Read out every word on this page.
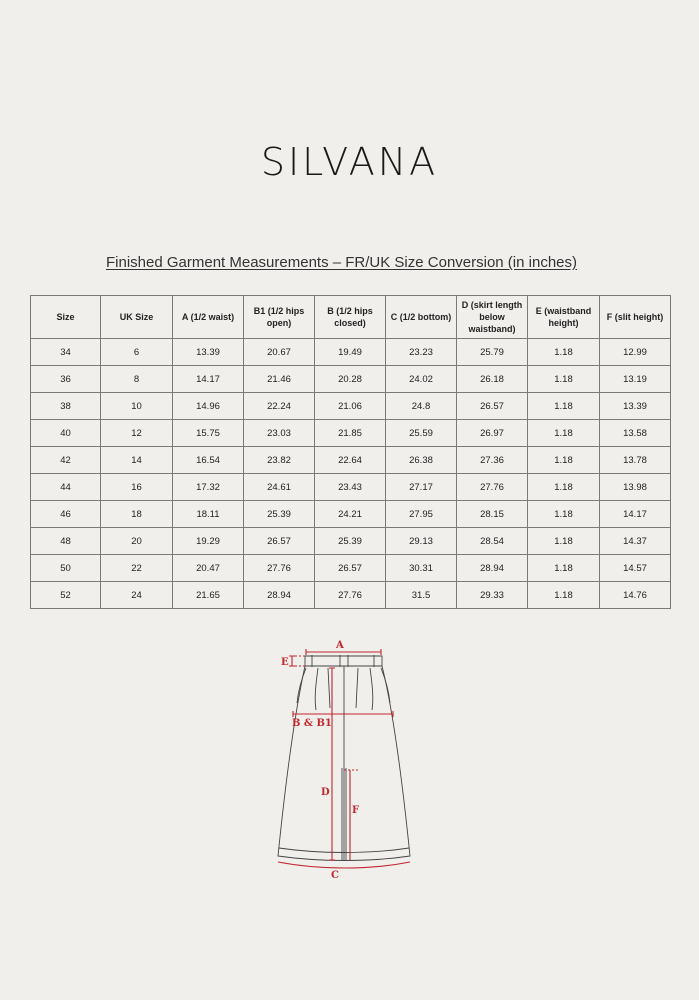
SILVANA
Finished Garment Measurements – FR/UK Size Conversion (in inches)
Size	UK Size	A (1/2 waist)	B1 (1/2 hips open)	B (1/2 hips closed)	C (1/2 bottom)	D (skirt length below waistband)	E (waistband height)	F (slit height)
34	6	13.39	20.67	19.49	23.23	25.79	1.18	12.99
36	8	14.17	21.46	20.28	24.02	26.18	1.18	13.19
38	10	14.96	22.24	21.06	24.8	26.57	1.18	13.39
40	12	15.75	23.03	21.85	25.59	26.97	1.18	13.58
42	14	16.54	23.82	22.64	26.38	27.36	1.18	13.78
44	16	17.32	24.61	23.43	27.17	27.76	1.18	13.98
46	18	18.11	25.39	24.21	27.95	28.15	1.18	14.17
48	20	19.29	26.57	25.39	29.13	28.54	1.18	14.37
50	22	20.47	27.76	26.57	30.31	28.94	1.18	14.57
52	24	21.65	28.94	27.76	31.5	29.33	1.18	14.76
A
E
B & B1
D
F
C
